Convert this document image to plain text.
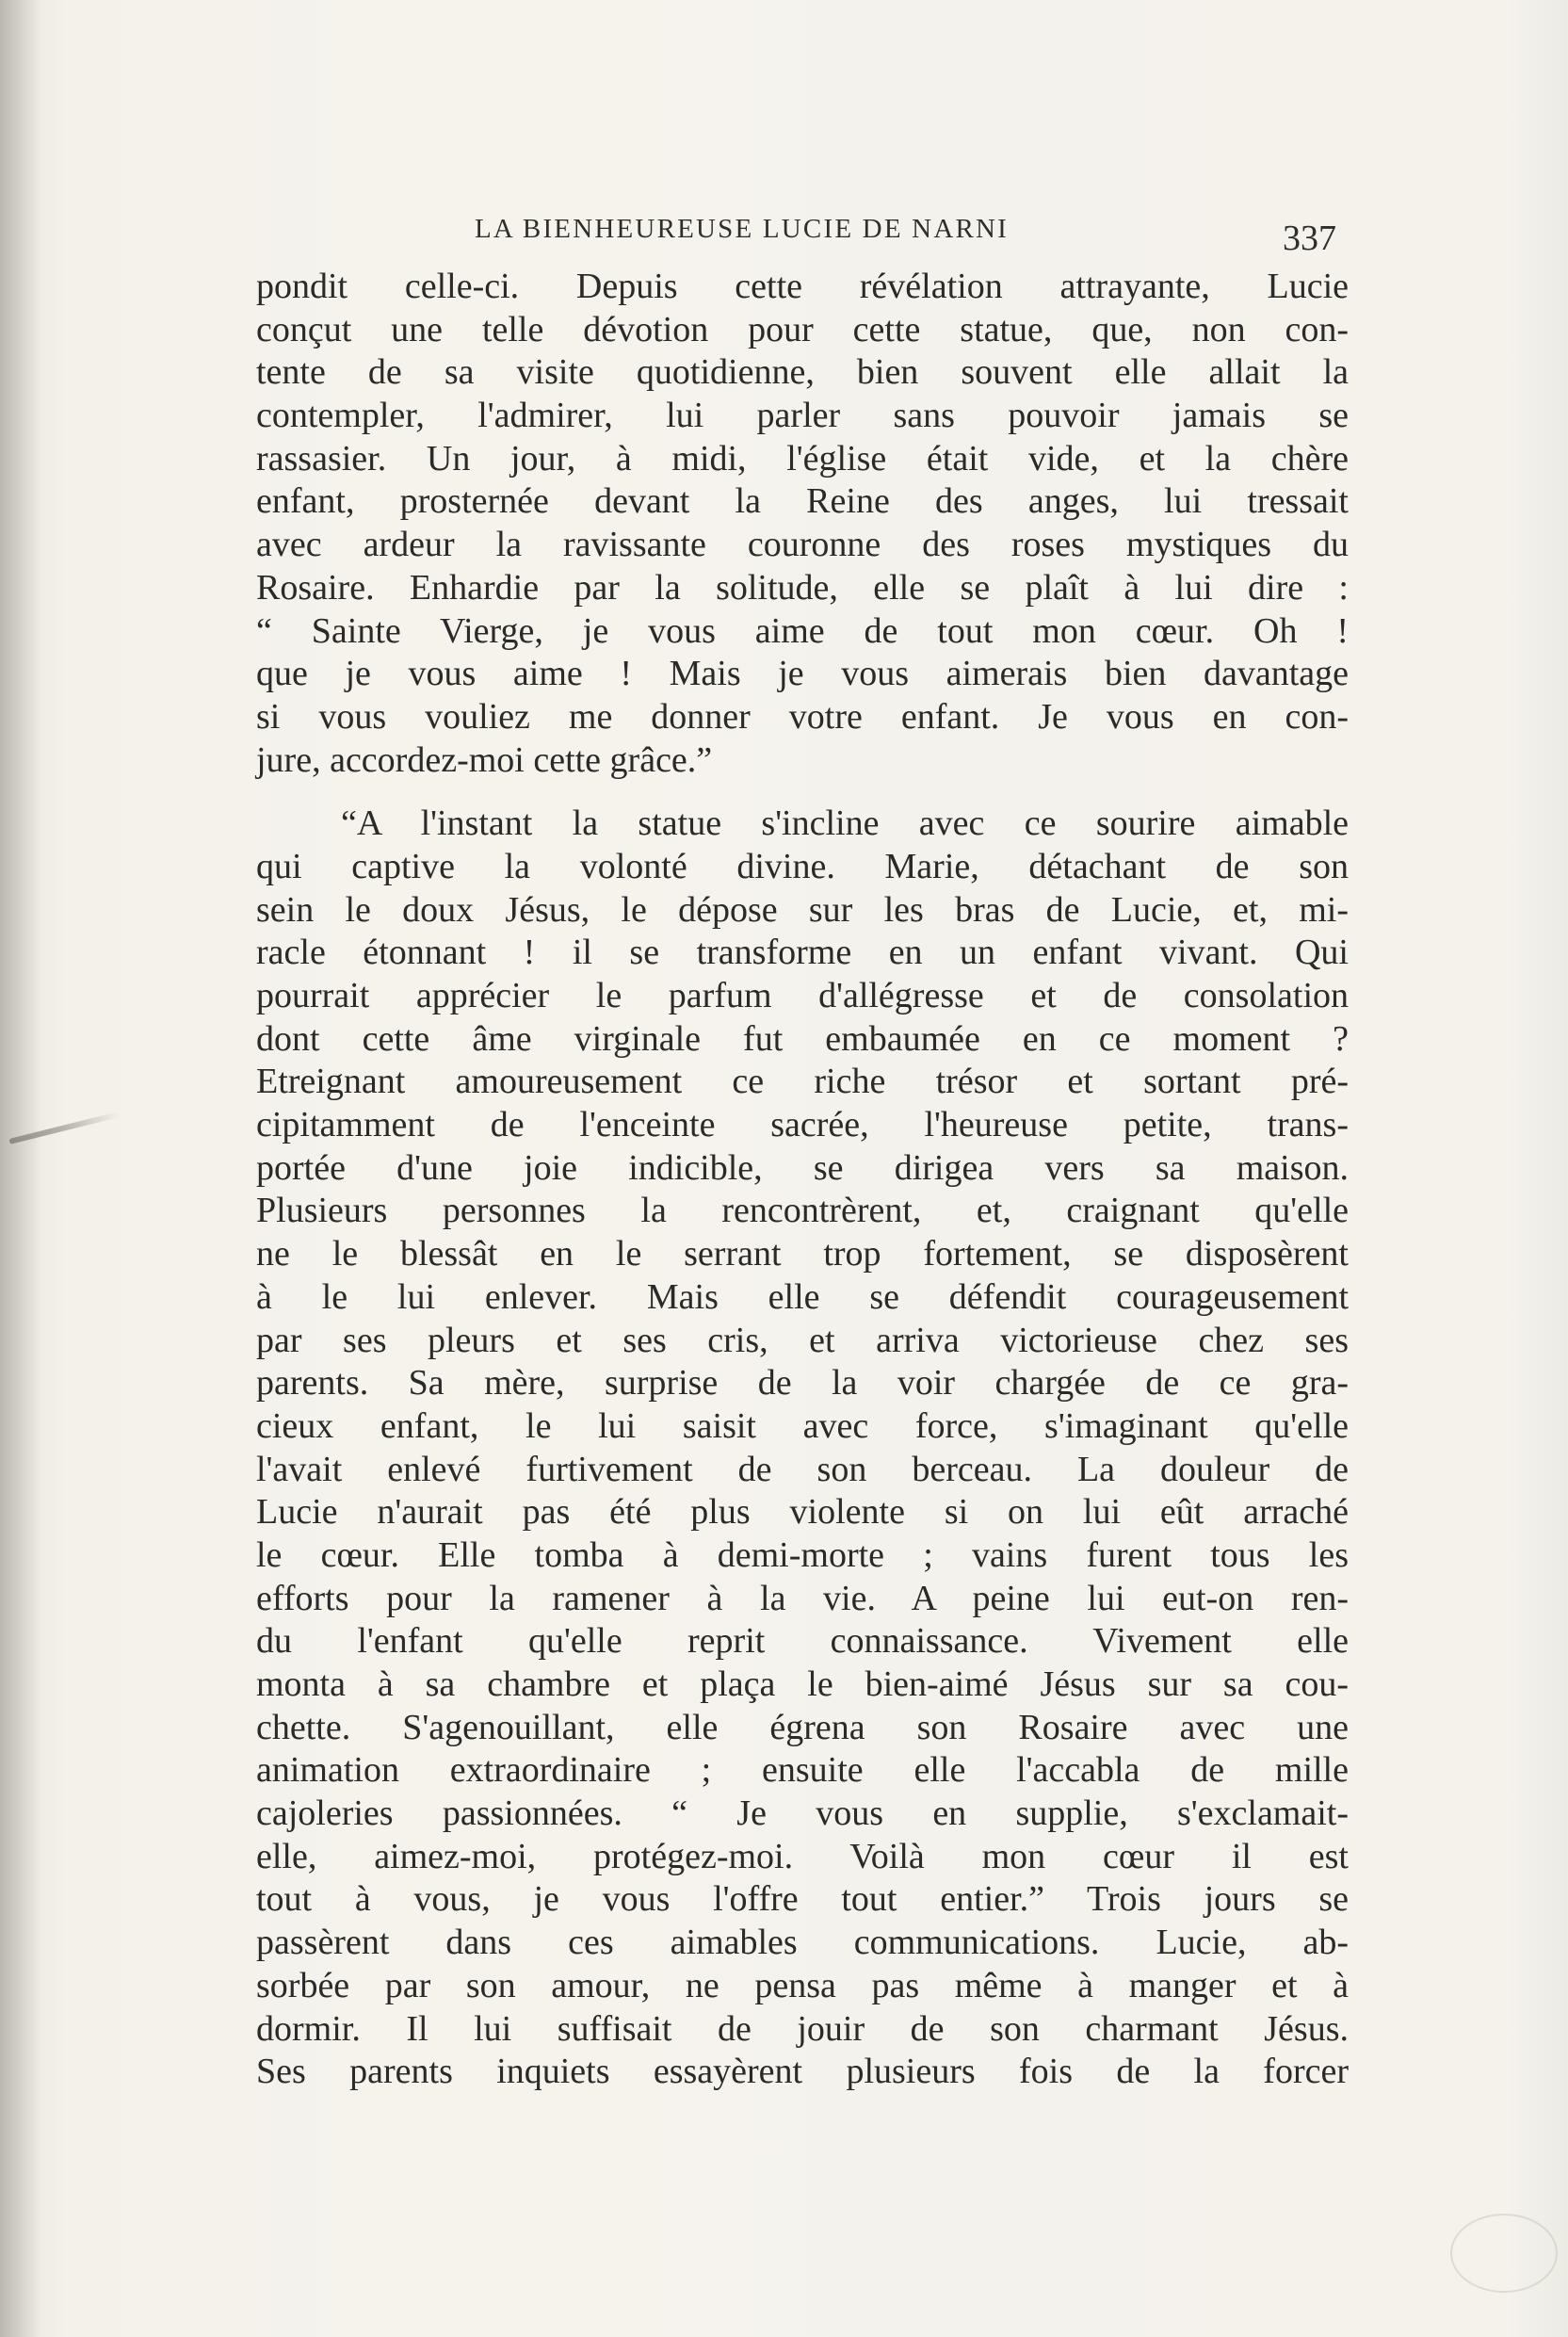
LA BIENHEUREUSE LUCIE DE NARNI	337
pondit celle-ci. Depuis cette révélation attrayante, Lucie
conçut une telle dévotion pour cette statue, que, non con-
tente de sa visite quotidienne, bien souvent elle allait la
contempler, l'admirer, lui parler sans pouvoir jamais se
rassasier. Un jour, à midi, l'église était vide, et la chère
enfant, prosternée devant la Reine des anges, lui tressait
avec ardeur la ravissante couronne des roses mystiques du
Rosaire. Enhardie par la solitude, elle se plaît à lui dire :
“ Sainte Vierge, je vous aime de tout mon cœur. Oh !
que je vous aime ! Mais je vous aimerais bien davantage
si vous vouliez me donner votre enfant. Je vous en con-
jure, accordez-moi cette grâce.”
“A l'instant la statue s'incline avec ce sourire aimable
qui captive la volonté divine. Marie, détachant de son
sein le doux Jésus, le dépose sur les bras de Lucie, et, mi-
racle étonnant ! il se transforme en un enfant vivant. Qui
pourrait apprécier le parfum d'allégresse et de consolation
dont cette âme virginale fut embaumée en ce moment ?
Etreignant amoureusement ce riche trésor et sortant pré-
cipitamment de l'enceinte sacrée, l'heureuse petite, trans-
portée d'une joie indicible, se dirigea vers sa maison.
Plusieurs personnes la rencontrèrent, et, craignant qu'elle
ne le blessât en le serrant trop fortement, se disposèrent
à le lui enlever. Mais elle se défendit courageusement
par ses pleurs et ses cris, et arriva victorieuse chez ses
parents. Sa mère, surprise de la voir chargée de ce gra-
cieux enfant, le lui saisit avec force, s'imaginant qu'elle
l'avait enlevé furtivement de son berceau. La douleur de
Lucie n'aurait pas été plus violente si on lui eût arraché
le cœur. Elle tomba à demi-morte ; vains furent tous les
efforts pour la ramener à la vie. A peine lui eut-on ren-
du l'enfant qu'elle reprit connaissance. Vivement elle
monta à sa chambre et plaça le bien-aimé Jésus sur sa cou-
chette. S'agenouillant, elle égrena son Rosaire avec une
animation extraordinaire ; ensuite elle l'accabla de mille
cajoleries passionnées. “ Je vous en supplie, s'exclamait-
elle, aimez-moi, protégez-moi. Voilà mon cœur il est
tout à vous, je vous l'offre tout entier.” Trois jours se
passèrent dans ces aimables communications. Lucie, ab-
sorbée par son amour, ne pensa pas même à manger et à
dormir. Il lui suffisait de jouir de son charmant Jésus.
Ses parents inquiets essayèrent plusieurs fois de la forcer
